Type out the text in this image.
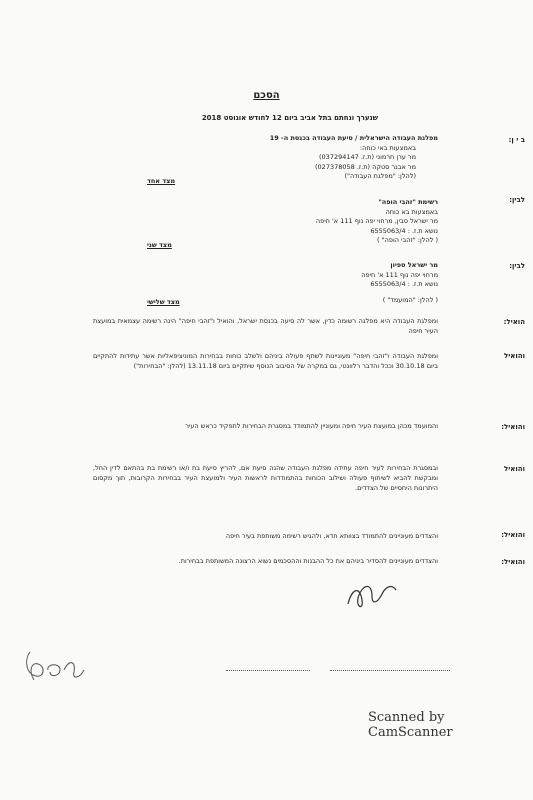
הסכם
שנערך ונחתם בתל אביב ביום 12 לחודש אוגוסט 2018
ב י ן:
מפלגת העבודה הישראלית / סיעת העבודה בכנסת ה- 19
באמצעות באי כוחה:
מר ערן חרמוני (ת.ז. 037294147)
מר אבנר סטקה (ת.ז. 027378058)
(להלן: "מפלגת העבודה")
מצד אחד
לבין:
רשימת "זהבי הופה"
באמצעות בא כוחה
מר ישראל סבין, מרחוי יפה נוף 111 א' חיפה
נושא ת.ז. : 6555063/4
( להלן: "זהבי הופה" )
מצד שני
לבין:
מר ישראל ספיון
מרחוי יפה נוף 111 א' חיפה
נושא ת.ז. : 6555063/4
( להלן: "המועמד" )
מצד שלישי
הואיל:
ומפלגת העבודה היא מפלגה רשומה כדין, אשר לה סיעה בכנסת ישראל, והואיל ו"זהבי חיפה" הינה רשימה עצמאית במועצת העיר חיפה
והואיל
ומפלגת העבודה ו"זהבי חיפה" מעוניינות לשתף פעולה ביניהם ולשלב כוחות בבחירות המוניציפאליות אשר עתידות להתקיים ביום 30.10.18 וככל והדבר רלוונטי, גם במקרה של הסיבוב הנוסף שיתקיים ביום 13.11.18 (להלן: "הבחירות")
והואיל:
והמועמד מכהן במועצת העיר חיפה ומעוניין להתמודד במסגרת הבחירות לתפקיד כראש העיר
והואיל
ובמסגרת הבחירות לעיר חיפה עתידה מפלגת העבודה שהנה סיעת אם, להריץ סיעת בת ו/או רשימת בת בהתאם לדין החל, ומבקשת להביא לשיתוף פעולה ושילוב הכוחות בהתמודדות לראשות העיר ולמועצת העיר בבחירות הקרובות, תוך מקסום היתרונות היחסיים של הצדדים.
והואיל:
והצדדים מעוניינים להתמודד בצוותא חדא, ולהגיש רשימה משותפת בעיר חיפה
והואיל:
והצדדים מעוניינים להסדיר ביניהם את כל ההבנות וההסכמים נשוא הרצונה המשותפת בבחירות.
Scanned by CamScanner
